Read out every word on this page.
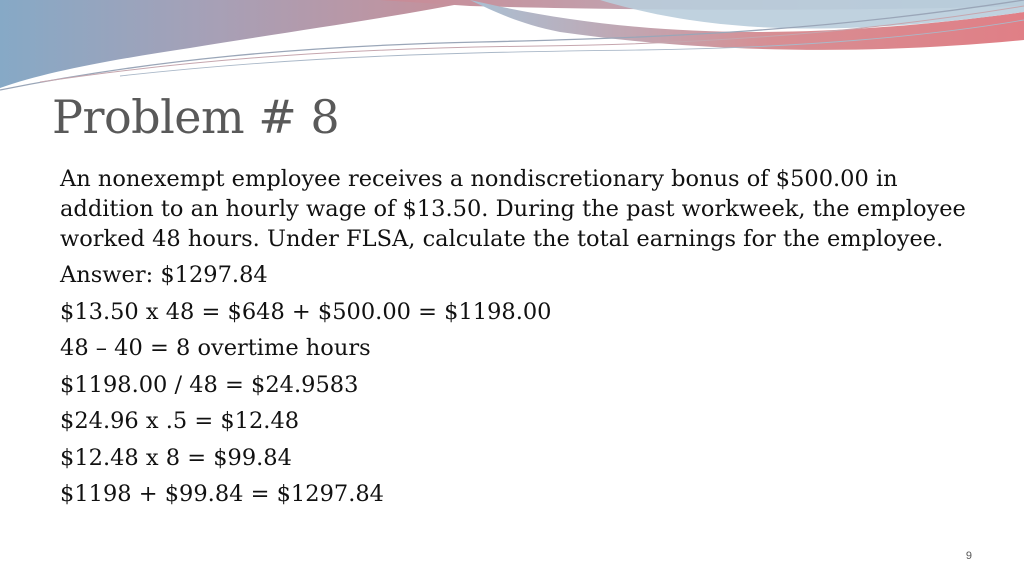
Problem # 8

An nonexempt employee receives a nondiscretionary bonus of $500.00 in addition to an hourly wage of $13.50. During the past workweek, the employee worked 48 hours. Under FLSA, calculate the total earnings for the employee.

Answer: $1297.84

$13.50 x 48 = $648 + $500.00 = $1198.00

48 – 40 = 8 overtime hours

$1198.00 / 48 = $24.9583

$24.96 x .5 = $12.48

$12.48 x 8 = $99.84

$1198 + $99.84 = $1297.84

9
